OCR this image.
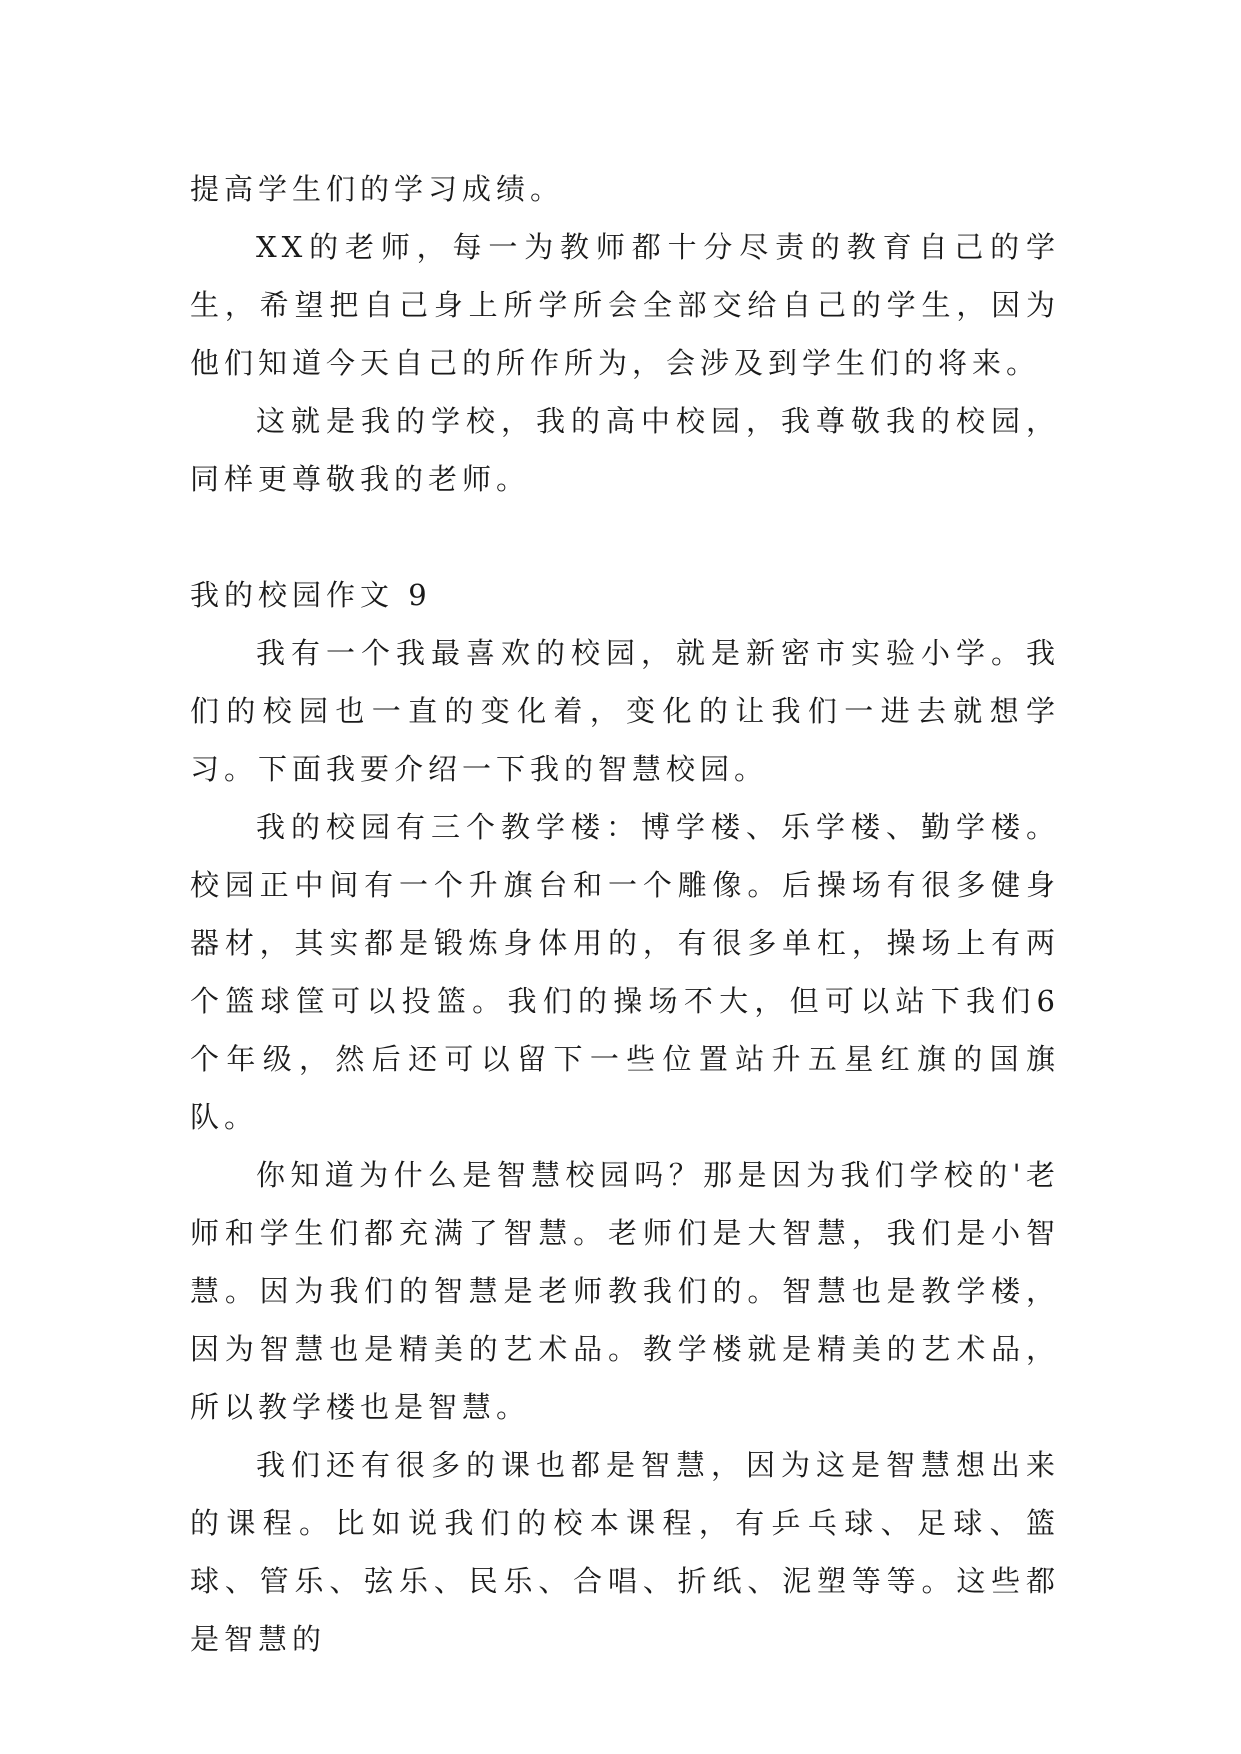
提高学生们的学习成绩。

XX的老师，每一为教师都十分尽责的教育自己的学生，希望把自己身上所学所会全部交给自己的学生，因为他们知道今天自己的所作所为，会涉及到学生们的将来。

这就是我的学校，我的高中校园，我尊敬我的校园，同样更尊敬我的老师。

我的校园作文 9

我有一个我最喜欢的校园，就是新密市实验小学。我们的校园也一直的变化着，变化的让我们一进去就想学习。下面我要介绍一下我的智慧校园。

我的校园有三个教学楼：博学楼、乐学楼、勤学楼。校园正中间有一个升旗台和一个雕像。后操场有很多健身器材，其实都是锻炼身体用的，有很多单杠，操场上有两个篮球筐可以投篮。我们的操场不大，但可以站下我们6个年级，然后还可以留下一些位置站升五星红旗的国旗队。

你知道为什么是智慧校园吗？那是因为我们学校的'老师和学生们都充满了智慧。老师们是大智慧，我们是小智慧。因为我们的智慧是老师教我们的。智慧也是教学楼，因为智慧也是精美的艺术品。教学楼就是精美的艺术品，所以教学楼也是智慧。

我们还有很多的课也都是智慧，因为这是智慧想出来的课程。比如说我们的校本课程，有乒乓球、足球、篮球、管乐、弦乐、民乐、合唱、折纸、泥塑等等。这些都是智慧的
